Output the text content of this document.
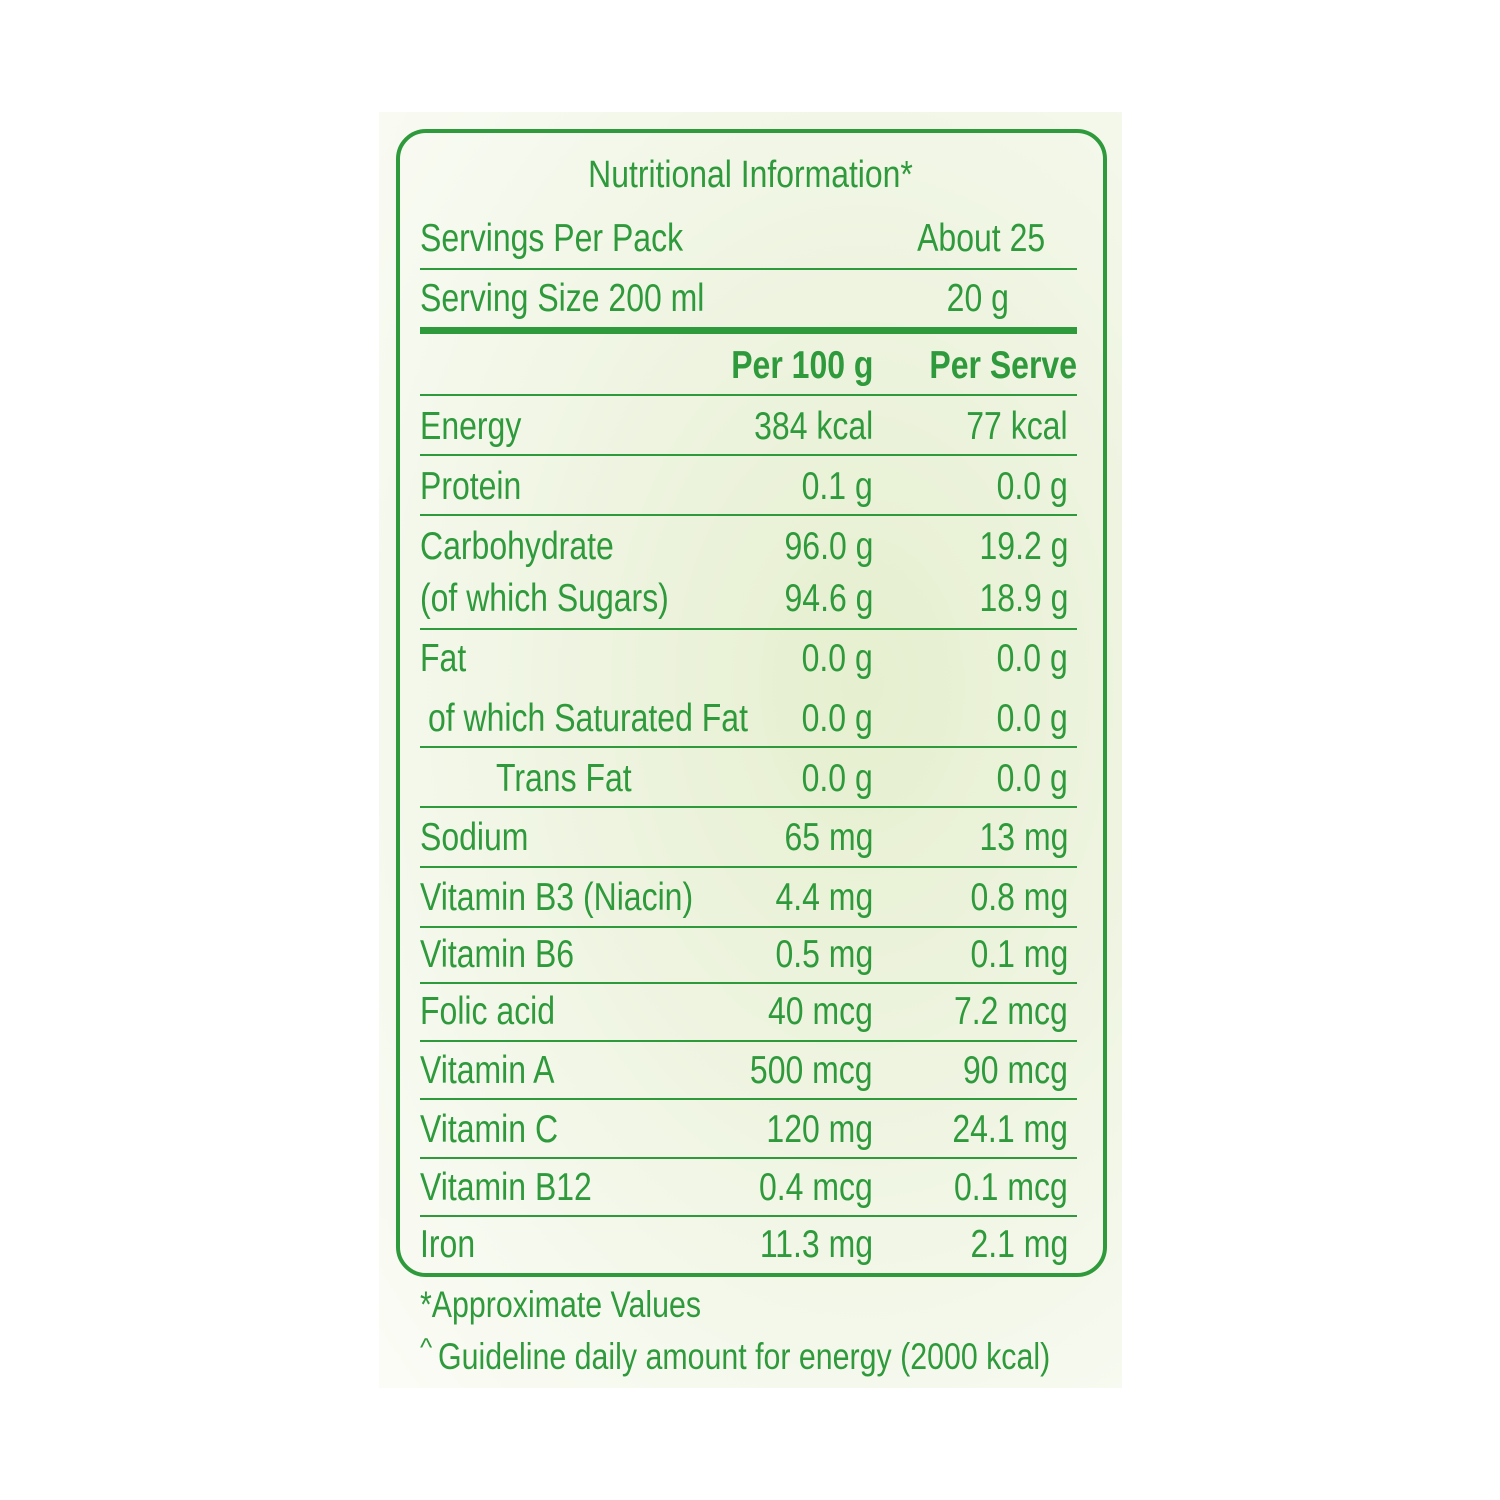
Nutritional Information*
Servings Per Pack	About 25
Serving Size 200 ml	20 g
Per 100 g Per Serve
Energy	384 kcal 77 kcal
Protein	0.1 g	0.0 g
Carbohydrate	96.0 g	19.2 g
(of which Sugars)	94.6 g	18.9 g
Fat	0.0 g	0.0 g
of which Saturated Fat 0.0 g	0.0 g
Trans Fat	0.0 g	0.0 g
Sodium	65 mg	13 mg
Vitamin B3 (Niacin) 4.4 mg 0.8 mg
Vitamin B6	0.5 mg 0.1 mg
Folic acid	40 mcg 7.2 mcg
Vitamin A	500 mcg 90 mcg
Vitamin C	120 mg 24.1 mg
Vitamin B12	0.4 mcg 0.1 mcg
Iron	11.3 mg 2.1 mg
*Approximate Values
^ Guideline daily amount for energy (2000 kcal)
